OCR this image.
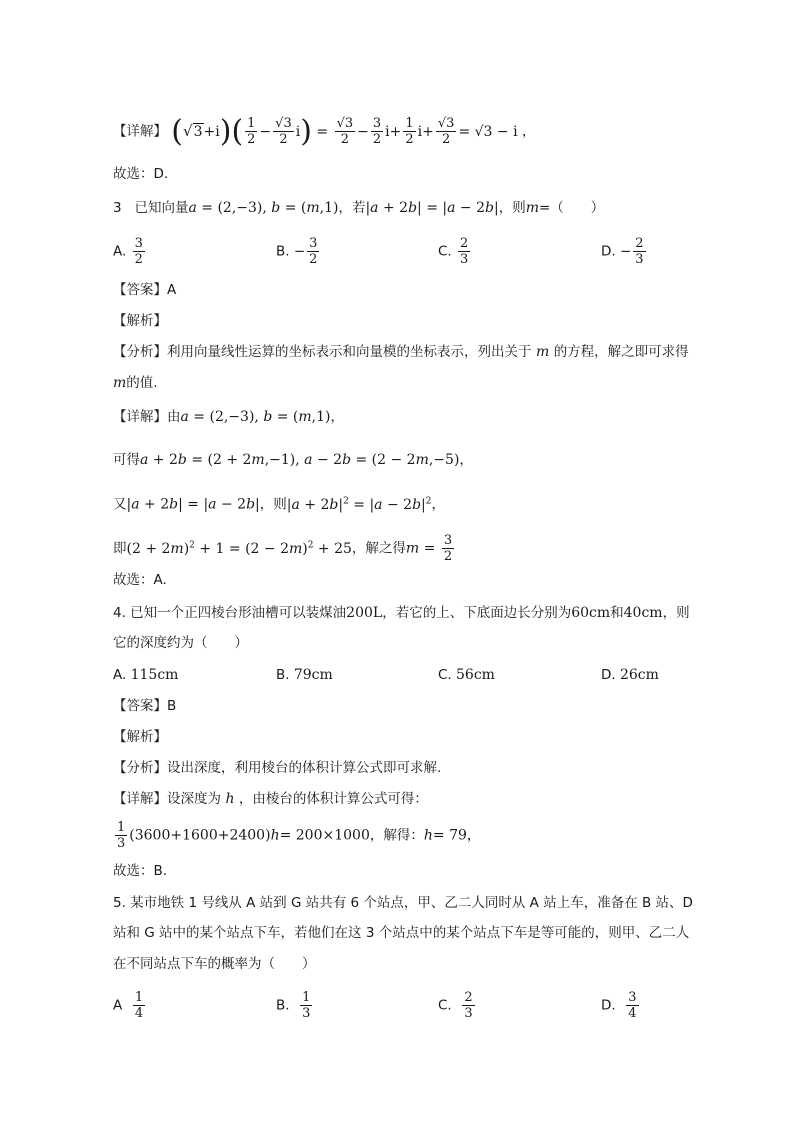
【详解】 $(√3+i)( \frac{1}{2} - \frac{√3}{2} i) = \frac{√3}{2} - \frac{3}{2} i+ \frac{1}{2} i+ \frac{√3}{2} = √3 - i$ ，
故选：D.
3 已知向量a = (2,−3), b = (m,1)，若|a + 2b| = |a − 2b|，则m=（　　）
A. $\frac{3}{2}$	B. − $\frac{3}{2}$	C. $\frac{2}{3}$	D. − $\frac{2}{3}$
【答案】A
【解析】
【分析】利用向量线性运算的坐标表示和向量模的坐标表示，列出关于 m 的方程，解之即可求得
m的值.
【详解】由a = (2,−3), b = (m,1)，
可得a + 2b = (2 + 2m,−1), a − 2b = (2 − 2m,−5)，
又|a + 2b| = |a − 2b|，则$|a + 2b|^2 = |a - 2b|^2$，
即$(2 + 2m)^2 + 1 = (2 - 2m)^2 + 25$，解之得$m = \frac{3}{2}$
故选：A.
4. 已知一个正四棱台形油槽可以装煤油200L，若它的上、下底面边长分别为60cm和40cm，则
它的深度约为（　　）
A. 115cm	B. 79cm	C. 56cm	D. 26cm
【答案】B
【解析】
【分析】设出深度，利用棱台的体积计算公式即可求解.
【详解】设深度为 h ，由棱台的体积计算公式可得：
$\frac{1}{3} (3600+1600+2400)h= 200\times 1000$，解得：h= 79，
故选：B.
5. 某市地铁 1 号线从 A 站到 G 站共有 6 个站点，甲、乙二人同时从 A 站上车，准备在 B 站、D
站和 G 站中的某个站点下车，若他们在这 3 个站点中的某个站点下车是等可能的，则甲、乙二人
在不同站点下车的概率为（　　）
A $\frac{1}{4}$	B. $\frac{1}{3}$	C. $\frac{2}{3}$	D. $\frac{3}{4}$
